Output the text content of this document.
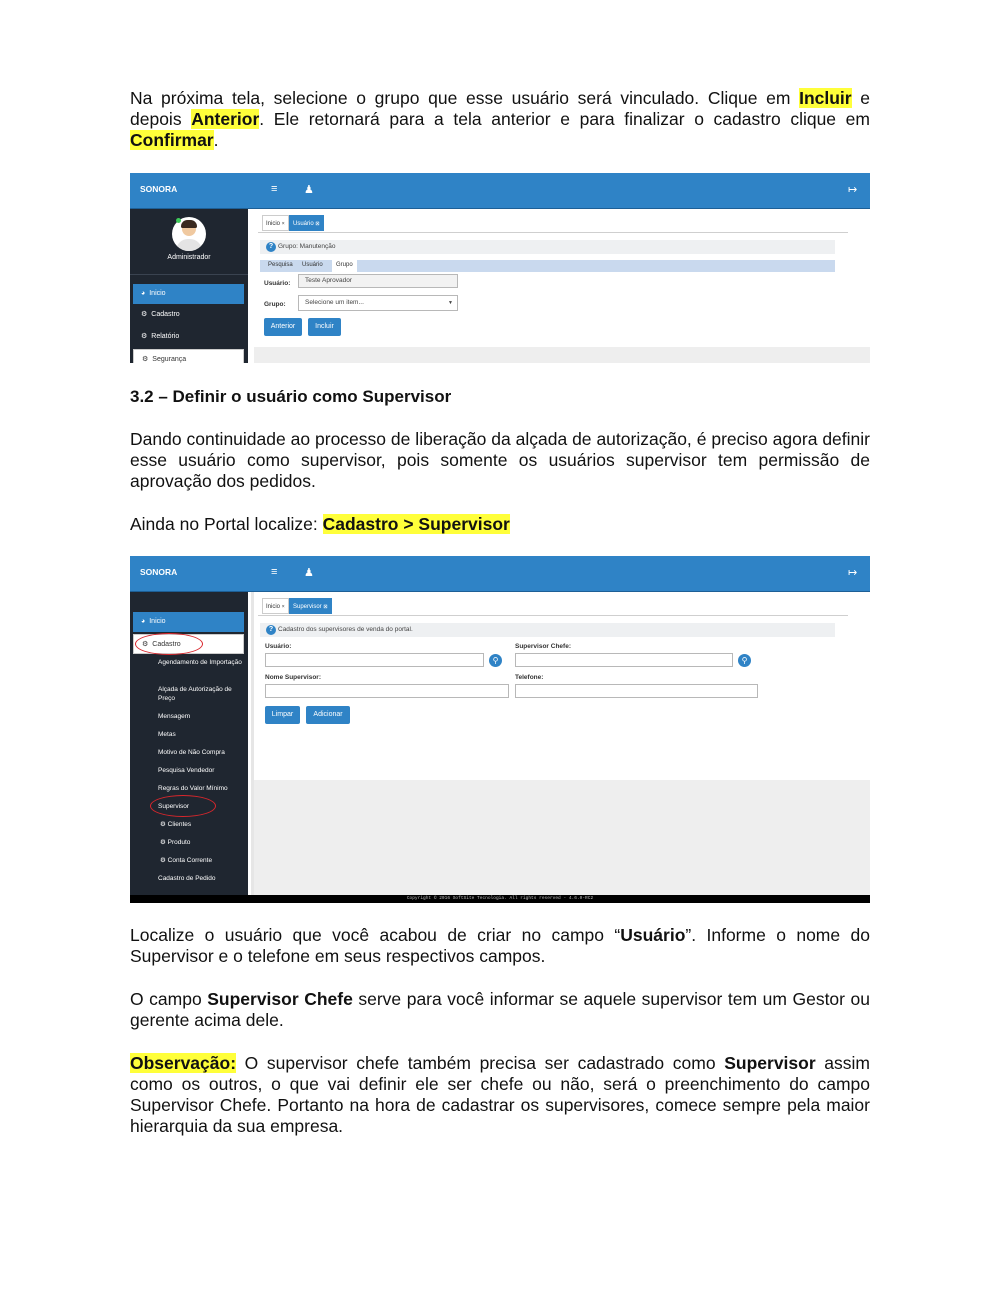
Na próxima tela, selecione o grupo que esse usuário será vinculado. Clique em Incluir e depois Anterior. Ele retornará para a tela anterior e para finalizar o cadastro clique em Confirmar.

SONORA	≡ ♟	↦
Administrador
◕ Inicio
⚙ Cadastro
⚙ Relatório
⚙ Segurança
Inicio ×	Usuário ⊠
? Grupo: Manutenção
Pesquisa Usuário	Grupo
Usuário:	Teste Aprovador
Grupo:	Selecione um item...	▼
Anterior	Incluir
3.2 – Definir o usuário como Supervisor

Dando continuidade ao processo de liberação da alçada de autorização, é preciso agora definir esse usuário como supervisor, pois somente os usuários supervisor tem permissão de aprovação dos pedidos.

Ainda no Portal localize: Cadastro > Supervisor

SONORA	≡ ♟	↦
◕ Inicio
⚙ Cadastro
Agendamento de Importação
Alçada de Autorização de Preço
Mensagem
Metas
Motivo de Não Compra
Pesquisa Vendedor
Regras do Valor Mínimo
Supervisor
⚙ Clientes
⚙ Produto
⚙ Conta Corrente
Cadastro de Pedido
Inicio ×	Supervisor ⊠
? Cadastro dos supervisores de venda do portal.
Usuário:
⚲
Supervisor Chefe:
⚲
Nome Supervisor:	Telefone:
Limpar	Adicionar
Copyright © 2016 SoftSite Tecnologia. All rights reserved - 4.6.0-RC2

Localize o usuário que você acabou de criar no campo “Usuário”. Informe o nome do Supervisor e o telefone em seus respectivos campos.

O campo Supervisor Chefe serve para você informar se aquele supervisor tem um Gestor ou gerente acima dele.

Observação: O supervisor chefe também precisa ser cadastrado como Supervisor assim como os outros, o que vai definir ele ser chefe ou não, será o preenchimento do campo Supervisor Chefe. Portanto na hora de cadastrar os supervisores, comece sempre pela maior hierarquia da sua empresa.
